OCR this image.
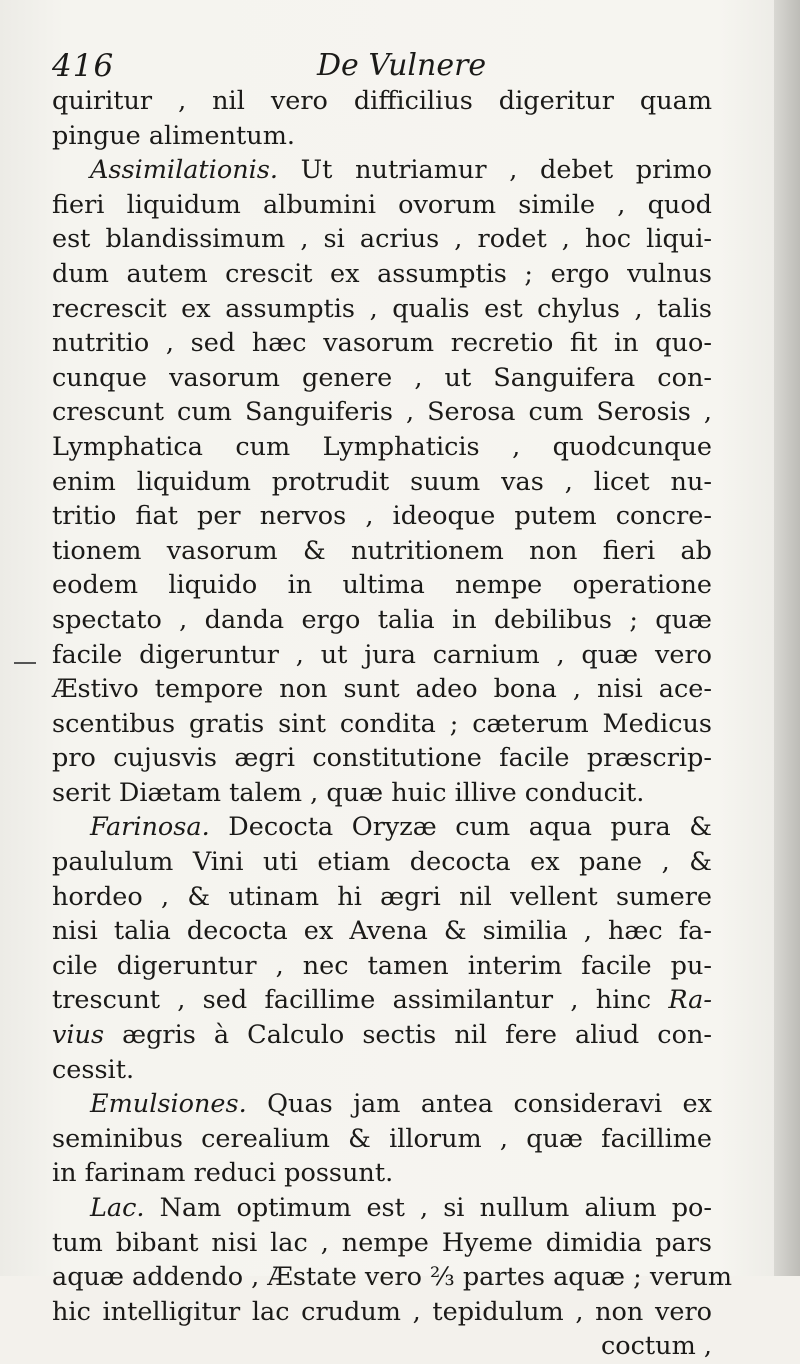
416	De Vulnere
quiritur , nil vero difficilius digeritur quam
pingue alimentum.
Assimilationis. Ut nutriamur , debet primo
fieri liquidum albumini ovorum simile , quod
est blandissimum , si acrius , rodet , hoc liqui-
dum autem crescit ex assumptis ; ergo vulnus
recrescit ex assumptis , qualis est chylus , talis
nutritio , sed hæc vasorum recretio fit in quo-
cunque vasorum genere , ut Sanguifera con-
crescunt cum Sanguiferis , Serosa cum Serosis ,
Lymphatica cum Lymphaticis , quodcunque
enim liquidum protrudit suum vas , licet nu-
tritio fiat per nervos , ideoque putem concre-
tionem vasorum & nutritionem non fieri ab
eodem liquido in ultima nempe operatione
spectato , danda ergo talia in debilibus ; quæ
facile digeruntur , ut jura carnium , quæ vero
Æstivo tempore non sunt adeo bona , nisi ace-
scentibus gratis sint condita ; cæterum Medicus
pro cujusvis ægri constitutione facile præscrip-
serit Diætam talem , quæ huic illive conducit.
Farinosa. Decocta Oryzæ cum aqua pura &
paululum Vini uti etiam decocta ex pane , &
hordeo , & utinam hi ægri nil vellent sumere
nisi talia decocta ex Avena & similia , hæc fa-
cile digeruntur , nec tamen interim facile pu-
trescunt , sed facillime assimilantur , hinc Ra-
vius ægris à Calculo sectis nil fere aliud con-
cessit.
Emulsiones. Quas jam antea consideravi ex
seminibus cerealium & illorum , quæ facillime
in farinam reduci possunt.
Lac. Nam optimum est , si nullum alium po-
tum bibant nisi lac , nempe Hyeme dimidia pars
aquæ addendo , Æstate vero ⅔ partes aquæ ; verum
hic intelligitur lac crudum , tepidulum , non vero
coctum ,
